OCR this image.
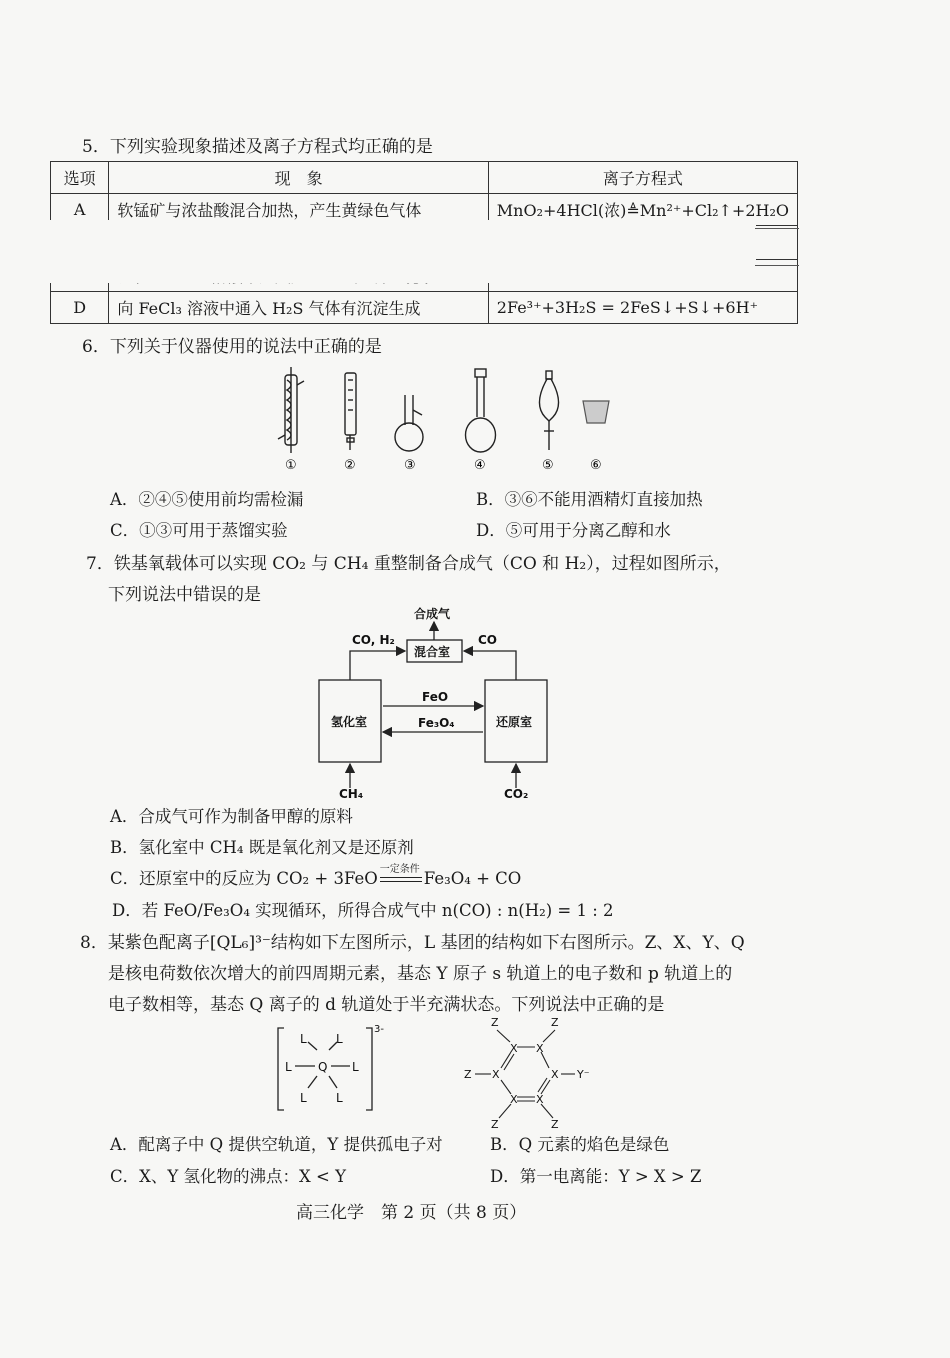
5．下列实验现象描述及离子方程式均正确的是
选项	现　象	离子方程式
A	软锰矿与浓盐酸混合加热，产生黄绿色气体	MnO₂+4HCl(浓)≜Mn²⁺+Cl₂↑+2H₂O

D	向 FeCl₃ 溶液中通入 H₂S 气体有沉淀生成	2Fe³⁺+3H₂S = 2FeS↓+S↓+6H⁺
6．下列关于仪器使用的说法中正确的是
①	②	③	④	⑤	⑥
A．②④⑤使用前均需检漏	B．③⑥不能用酒精灯直接加热
C．①③可用于蒸馏实验	D．⑤可用于分离乙醇和水
7．铁基氧载体可以实现 CO₂ 与 CH₄ 重整制备合成气（CO 和 H₂），过程如图所示，
下列说法中错误的是
合成气
混合室
CO, H₂	CO
氢化室	还原室
FeO
Fe₃O₄
CH₄	CO₂
A．合成气可作为制备甲醇的原料
B．氢化室中 CH₄ 既是氧化剂又是还原剂
C．还原室中的反应为 CO₂ + 3FeO 一定条件 Fe₃O₄ + CO
D．若 FeO/Fe₃O₄ 实现循环，所得合成气中 n(CO) : n(H₂) = 1 : 2
8．某紫色配离子[QL₆]³⁻结构如下左图所示，L 基团的结构如下右图所示。Z、X、Y、Q
是核电荷数依次增大的前四周期元素，基态 Y 原子 s 轨道上的电子数和 p 轨道上的
电子数相等，基态 Q 离子的 d 轨道处于半充满状态。下列说法中正确的是
Q
L L
L	L
L L
3-
Z	Z
X X
Z X	X Y⁻
X X
Z	Z
A．配离子中 Q 提供空轨道，Y 提供孤电子对	B．Q 元素的焰色是绿色
C．X、Y 氢化物的沸点：X < Y	D．第一电离能：Y > X > Z
高三化学　第 2 页（共 8 页）
